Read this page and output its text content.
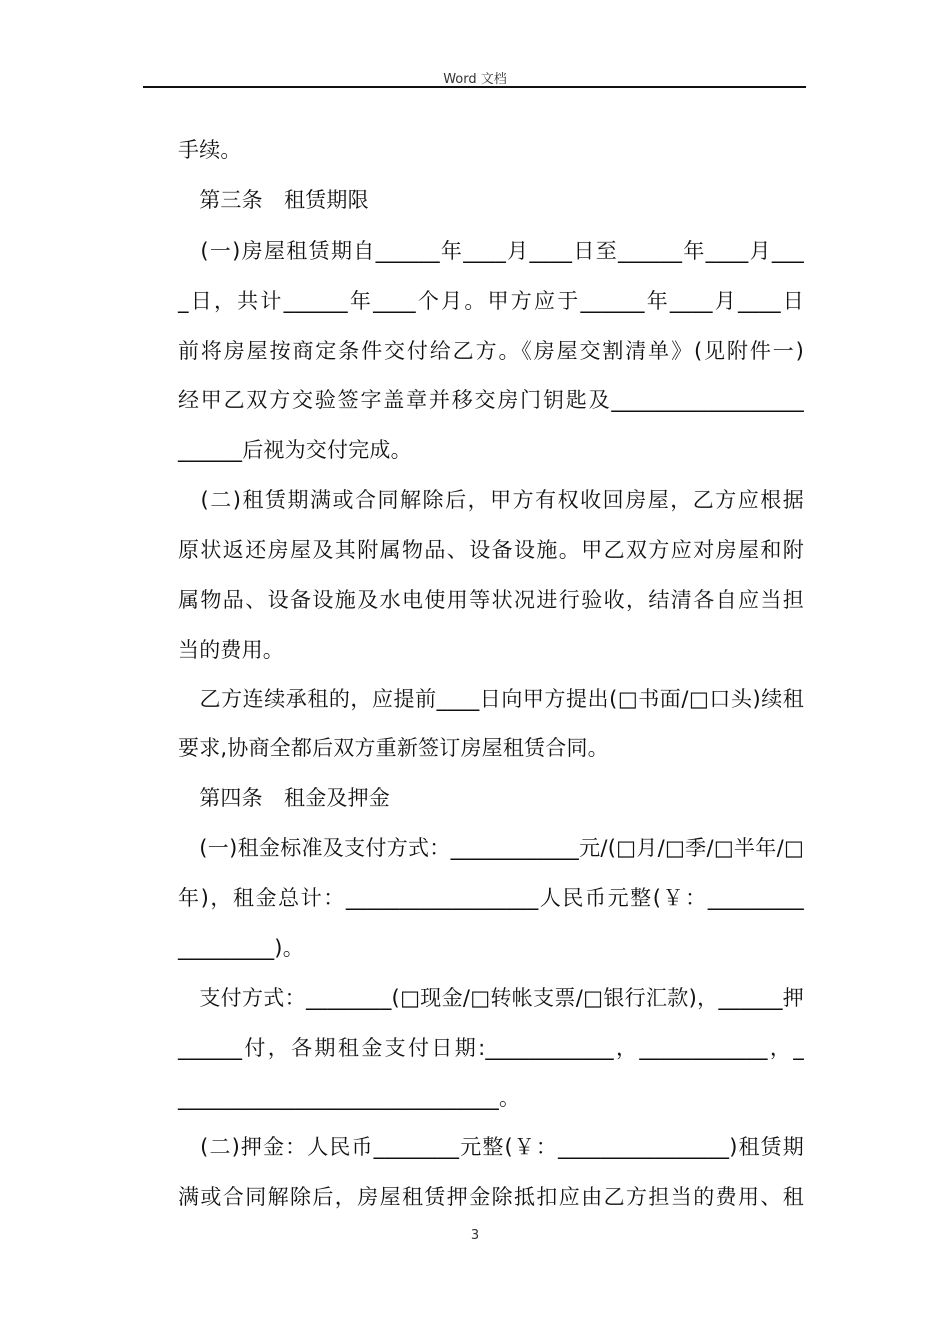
Word 文档
手续。
　第三条　租赁期限
　(一)房屋租赁期自______年____月____日至______年____月___
_日，共计______年____个月。甲方应于______年____月____日
前将房屋按商定条件交付给乙方。《房屋交割清单》(见附件一)
经甲乙双方交验签字盖章并移交房门钥匙及__________________
______后视为交付完成。
　(二)租赁期满或合同解除后，甲方有权收回房屋，乙方应根据
原状返还房屋及其附属物品、设备设施。甲乙双方应对房屋和附
属物品、设备设施及水电使用等状况进行验收，结清各自应当担
当的费用。
　乙方连续承租的，应提前____日向甲方提出(□书面/□口头)续租
要求,协商全都后双方重新签订房屋租赁合同。
　第四条　租金及押金
　(一)租金标准及支付方式：____________元/(□月/□季/□半年/□
年)，租金总计：__________________人民币元整(￥：_________
_________)。
　支付方式：________(□现金/□转帐支票/□银行汇款)，______押
______付，各期租金支付日期:____________，____________，_
______________________________。
　(二)押金：人民币________元整(￥：________________)租赁期
满或合同解除后，房屋租赁押金除抵扣应由乙方担当的费用、租
3
